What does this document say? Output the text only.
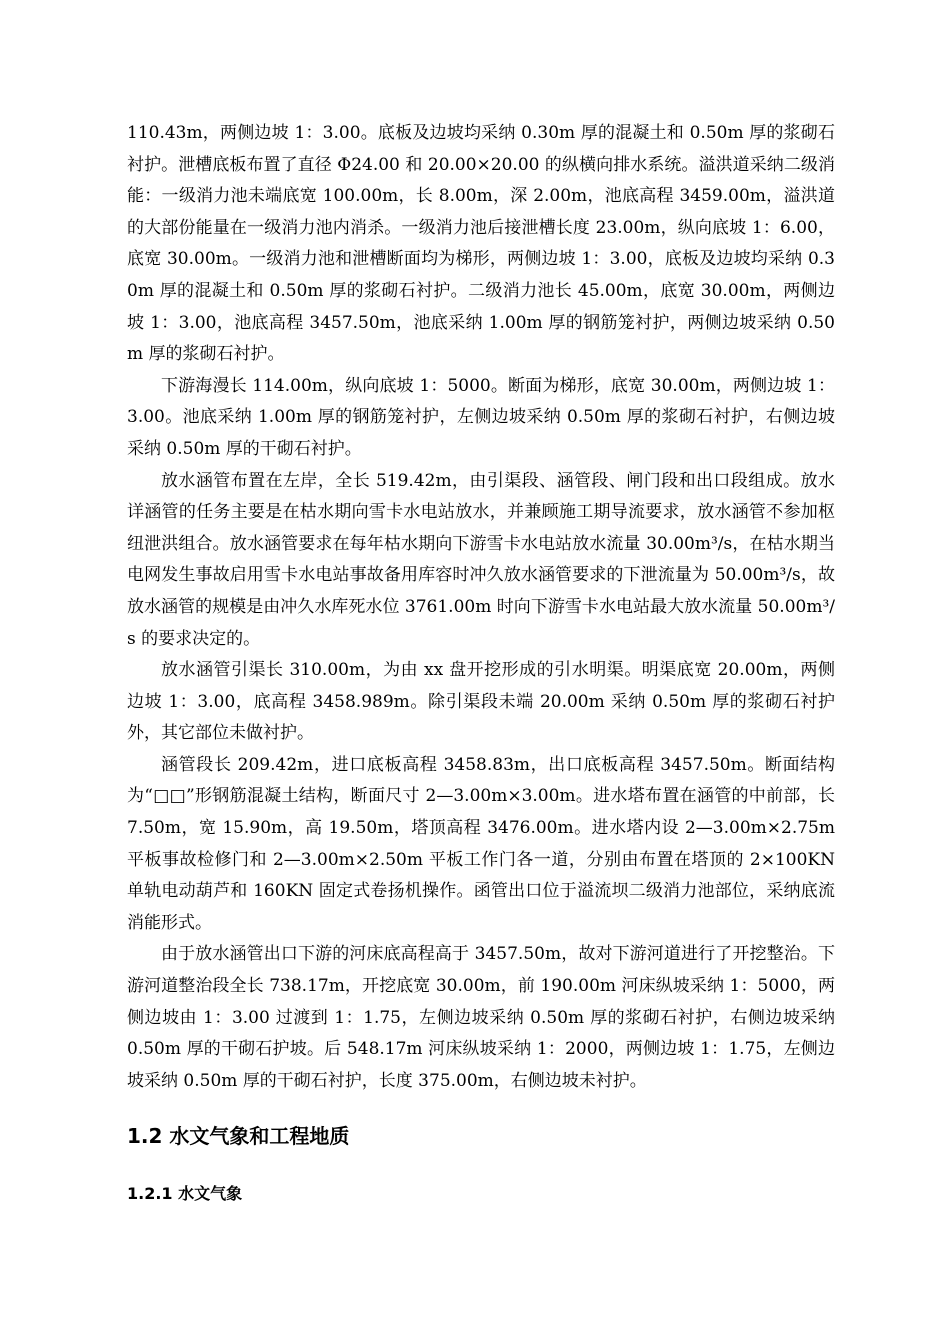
110.43m，两侧边坡 1：3.00。底板及边坡均采纳 0.30m 厚的混凝土和 0.50m 厚的浆砌石衬护。泄槽底板布置了直径 Φ24.00 和 20.00×20.00 的纵横向排水系统。溢洪道采纳二级消能：一级消力池未端底宽 100.00m，长 8.00m，深 2.00m，池底高程 3459.00m，溢洪道的大部份能量在一级消力池内消杀。一级消力池后接泄槽长度 23.00m，纵向底坡 1：6.00，底宽 30.00m。一级消力池和泄槽断面均为梯形，两侧边坡 1：3.00，底板及边坡均采纳 0.30m 厚的混凝土和 0.50m 厚的浆砌石衬护。二级消力池长 45.00m，底宽 30.00m，两侧边坡 1：3.00，池底高程 3457.50m，池底采纳 1.00m 厚的钢筋笼衬护，两侧边坡采纳 0.50m 厚的浆砌石衬护。

下游海漫长 114.00m，纵向底坡 1：5000。断面为梯形，底宽 30.00m，两侧边坡 1：3.00。池底采纳 1.00m 厚的钢筋笼衬护，左侧边坡采纳 0.50m 厚的浆砌石衬护，右侧边坡采纳 0.50m 厚的干砌石衬护。

放水涵管布置在左岸，全长 519.42m，由引渠段、涵管段、闸门段和出口段组成。放水详涵管的任务主要是在枯水期向雪卡水电站放水，并兼顾施工期导流要求，放水涵管不参加枢纽泄洪组合。放水涵管要求在每年枯水期向下游雪卡水电站放水流量 30.00m³/s，在枯水期当电网发生事故启用雪卡水电站事故备用库容时冲久放水涵管要求的下泄流量为 50.00m³/s，故放水涵管的规模是由冲久水库死水位 3761.00m 时向下游雪卡水电站最大放水流量 50.00m³/s 的要求决定的。

放水涵管引渠长 310.00m，为由 xx 盘开挖形成的引水明渠。明渠底宽 20.00m，两侧边坡 1：3.00，底高程 3458.989m。除引渠段未端 20.00m 采纳 0.50m 厚的浆砌石衬护外，其它部位未做衬护。

涵管段长 209.42m，进口底板高程 3458.83m，出口底板高程 3457.50m。断面结构为“□□”形钢筋混凝土结构，断面尺寸 2—3.00m×3.00m。进水塔布置在涵管的中前部，长 7.50m，宽 15.90m，高 19.50m，塔顶高程 3476.00m。进水塔内设 2—3.00m×2.75m 平板事故检修门和 2—3.00m×2.50m 平板工作门各一道，分别由布置在塔顶的 2×100KN 单轨电动葫芦和 160KN 固定式卷扬机操作。函管出口位于溢流坝二级消力池部位，采纳底流消能形式。

由于放水涵管出口下游的河床底高程高于 3457.50m，故对下游河道进行了开挖整治。下游河道整治段全长 738.17m，开挖底宽 30.00m，前 190.00m 河床纵坡采纳 1：5000，两侧边坡由 1：3.00 过渡到 1：1.75，左侧边坡采纳 0.50m 厚的浆砌石衬护，右侧边坡采纳 0.50m 厚的干砌石护坡。后 548.17m 河床纵坡采纳 1：2000，两侧边坡 1：1.75，左侧边坡采纳 0.50m 厚的干砌石衬护，长度 375.00m，右侧边坡未衬护。

1.2 水文气象和工程地质
1.2.1 水文气象
